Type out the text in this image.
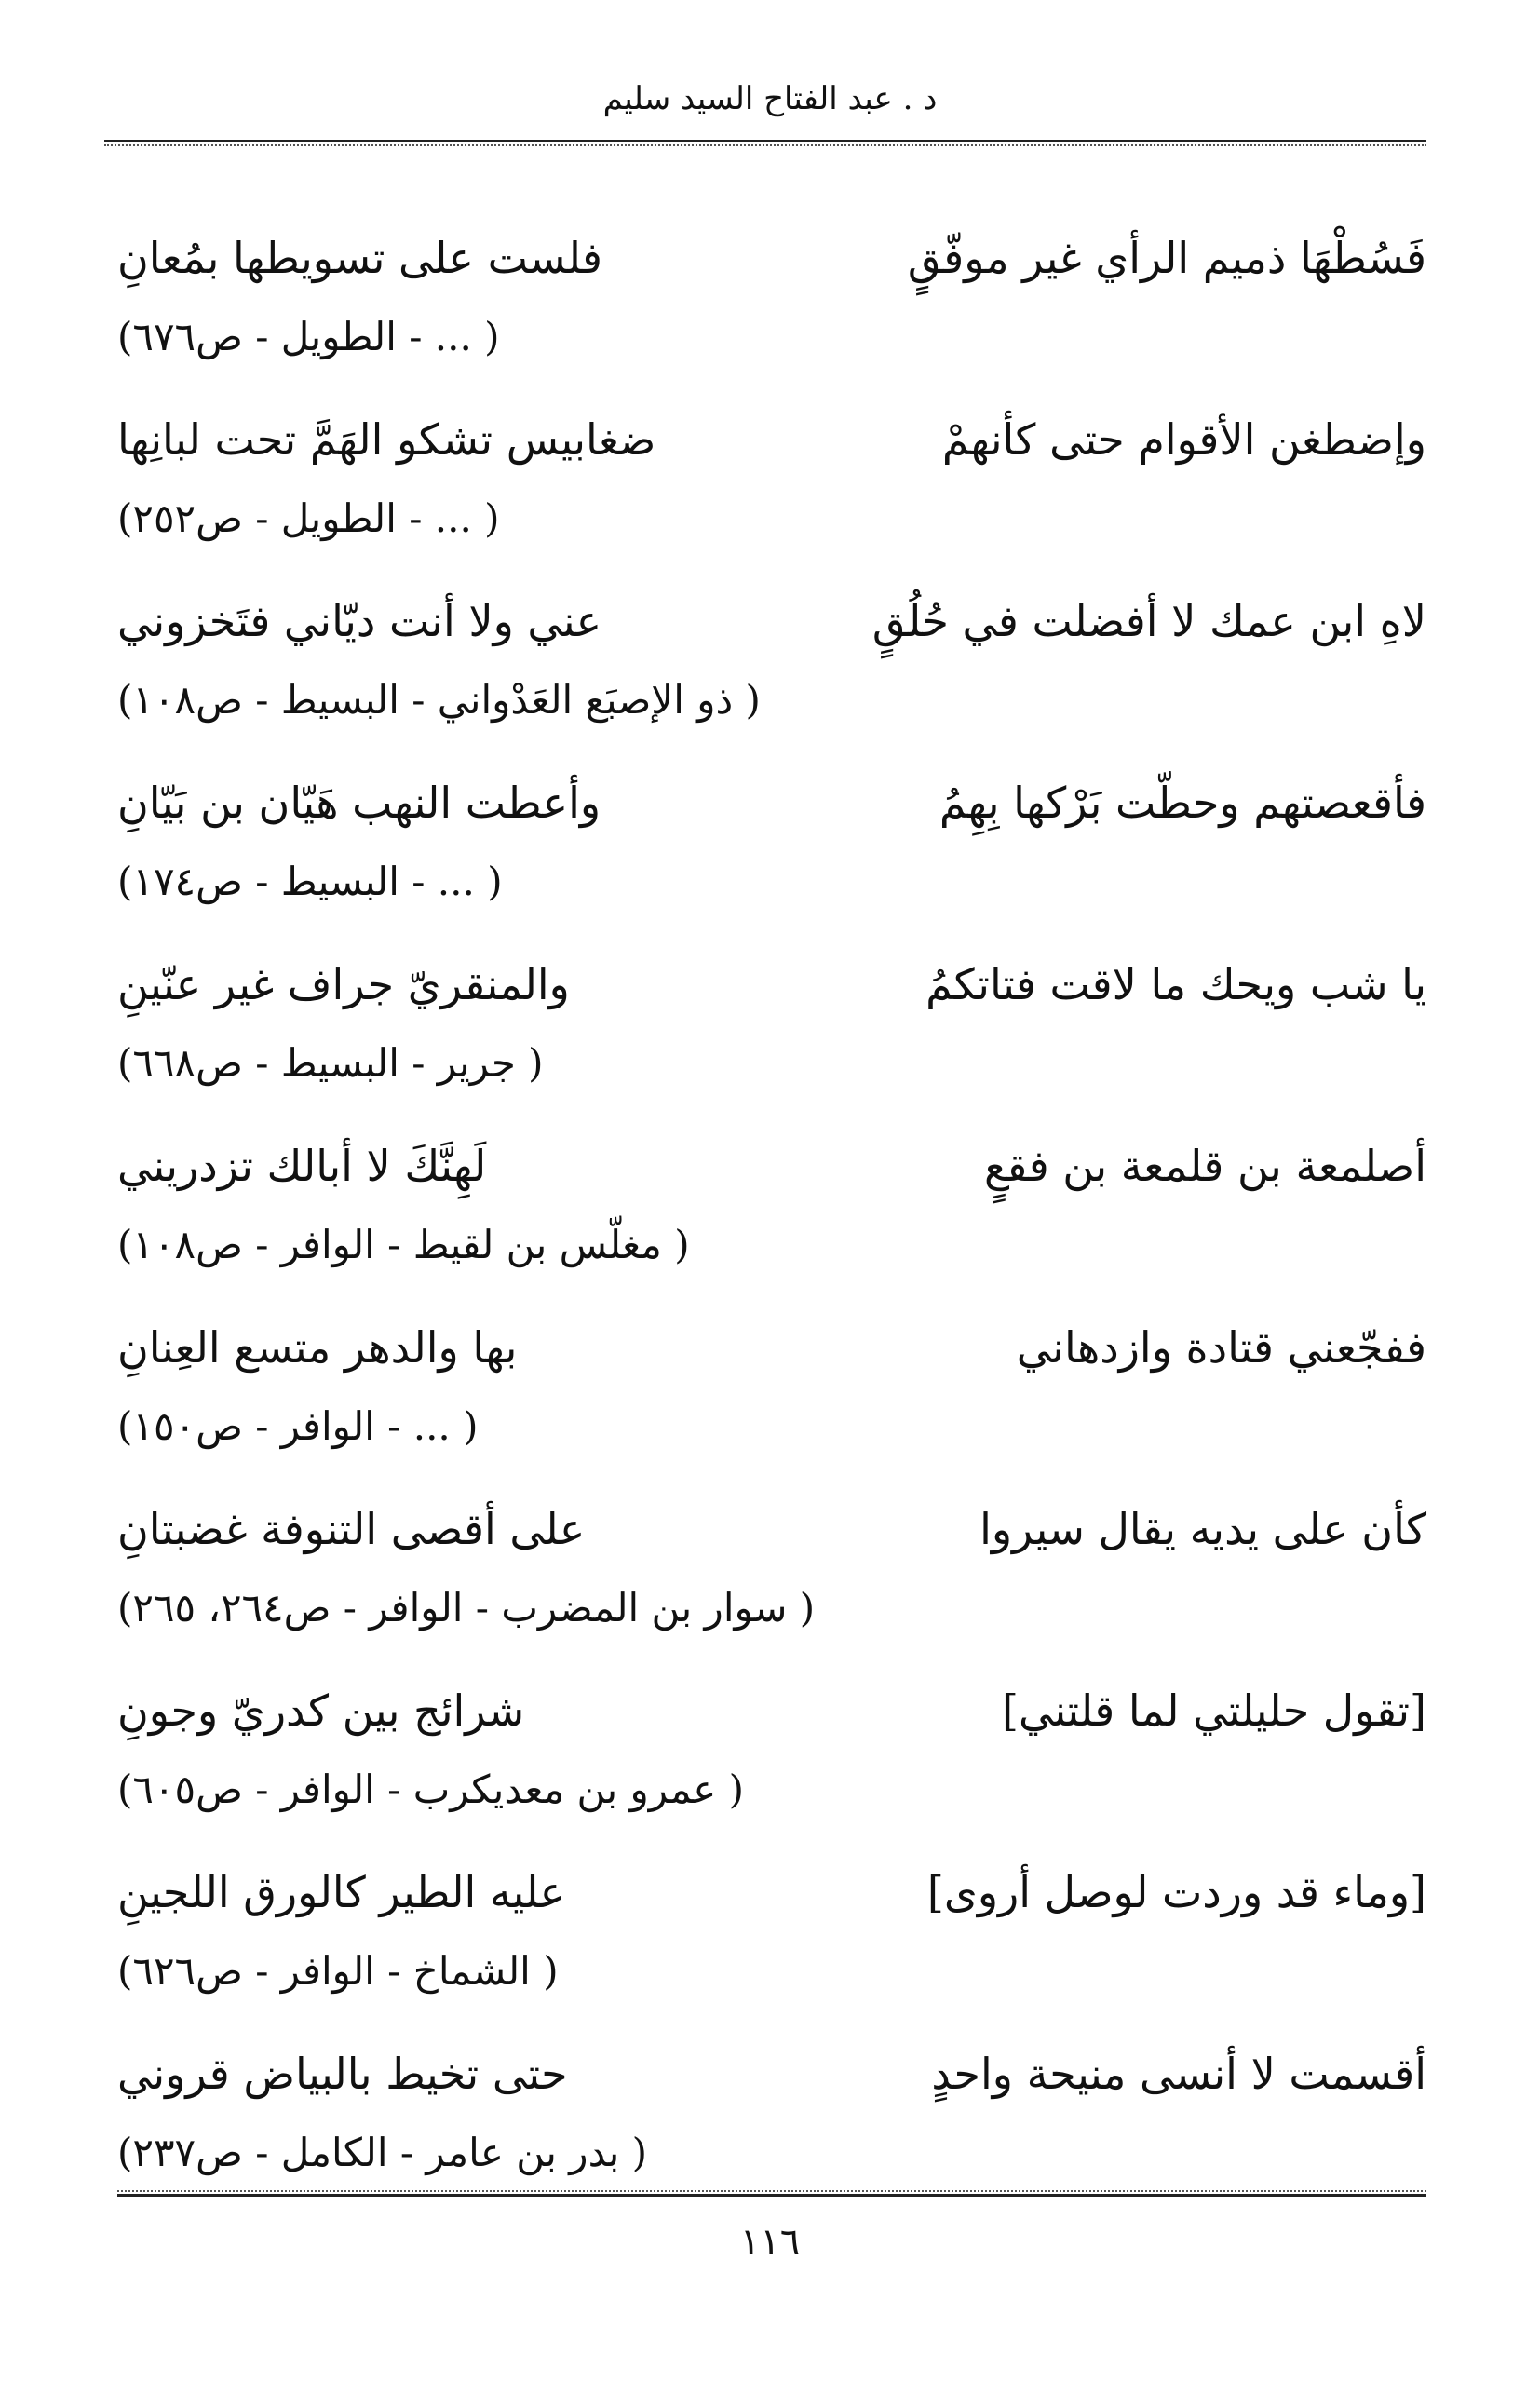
د . عبد الفتاح السيد سليم
فَسُطْهَا ذميم الرأي غير موفّقٍ
فلست على تسويطها بمُعانِ
( ... - الطويل - ص٦٧٦)
وإضطغن الأقوام حتى كأنهمْ
ضغابيس تشكو الهَمَّ تحت لبانِها
( ... - الطويل - ص٢٥٢)
لاهِ ابن عمك لا أفضلت في حُلُقٍ
عني ولا أنت ديّاني فتَخزوني
( ذو الإصبَع العَدْواني - البسيط - ص١٠٨)
فأقعصتهم وحطّت بَرْكها بِهِمُ
وأعطت النهب هَيّان بن بَيّانِ
( ... - البسيط - ص١٧٤)
يا شب ويحك ما لاقت فتاتكمُ
والمنقريّ جراف غير عنّينِ
( جرير - البسيط - ص٦٦٨)
أصلمعة بن قلمعة بن فقعٍ
لَهِنَّكَ لا أبالك تزدريني
( مغلّس بن لقيط - الوافر - ص١٠٨)
ففجّعني قتادة وازدهاني
بها والدهر متسع العِنانِ
( ... - الوافر - ص١٥٠)
كأن على يديه يقال سيروا
على أقصى التنوفة غضبتانِ
( سوار بن المضرب - الوافر - ص٢٦٤، ٢٦٥)
[تقول حليلتي لما قلتني]
شرائج بين كدريّ وجونِ
( عمرو بن معديكرب - الوافر - ص٦٠٥)
[وماء قد وردت لوصل أروى]
عليه الطير كالورق اللجينِ
( الشماخ - الوافر - ص٦٢٦)
أقسمت لا أنسى منيحة واحدٍ
حتى تخيط بالبياض قروني
( بدر بن عامر - الكامل - ص٢٣٧)
١١٦
